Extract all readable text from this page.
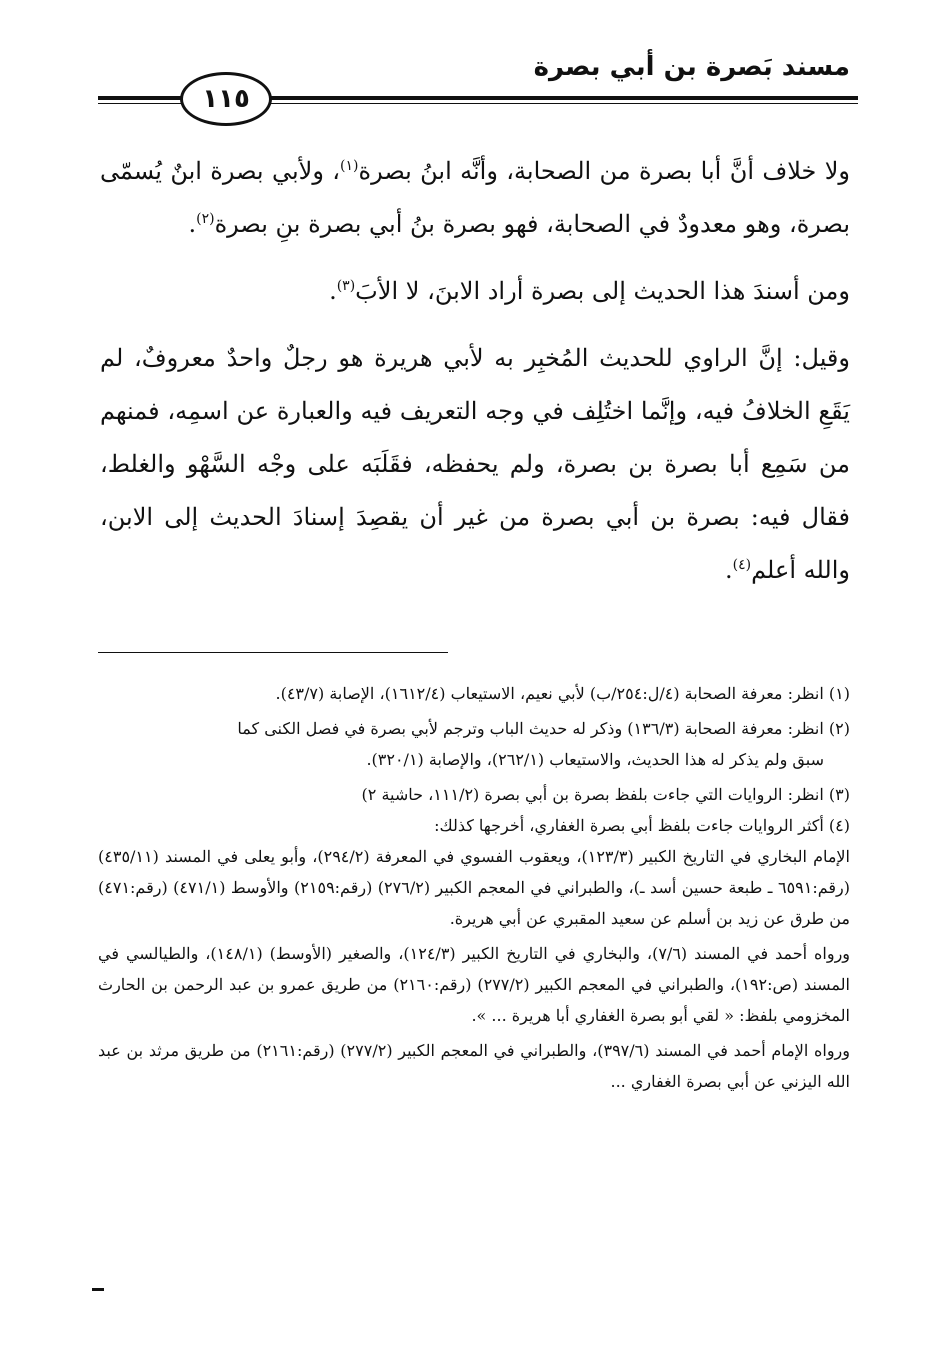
مسند بَصرة بن أبي بصرة
١١٥

ولا خلاف أنَّ أبا بصرة من الصحابة، وأنَّه ابنُ بصرة$^{(١)}$، ولأبي بصرة ابنٌ يُسمّى بصرة، وهو معدودٌ في الصحابة، فهو بصرة بنُ أبي بصرة بنِ بصرة$^{(٢)}$.

ومن أسندَ هذا الحديث إلى بصرة أراد الابنَ، لا الأبَ$^{(٣)}$.

وقيل: إنَّ الراوي للحديث المُخبِر به لأبي هريرة هو رجلٌ واحدٌ معروفٌ، لم يَقَعِ الخلافُ فيه، وإنَّما اختُلِف في وجه التعريف فيه والعبارة عن اسمِه، فمنهم من سَمِع أبا بصرة بن بصرة، ولم يحفظه، فقَلَبَه على وجْه السَّهْو والغلط، فقال فيه: بصرة بن أبي بصرة من غير أن يقصِدَ إسنادَ الحديث إلى الابن، والله أعلم$^{(٤)}$.

(١) انظر: معرفة الصحابة (٤/ل:٢٥٤/ب) لأبي نعيم، الاستيعاب (١٦١٢/٤)، الإصابة (٤٣/٧).

(٢) انظر: معرفة الصحابة (١٣٦/٣) وذكر له حديث الباب وترجم لأبي بصرة في فصل الكنى كما

سبق ولم يذكر له هذا الحديث، والاستيعاب (٢٦٢/١)، والإصابة (٣٢٠/١).

(٣) انظر: الروايات التي جاءت بلفظ بصرة بن أبي بصرة (١١١/٢، حاشية ٢)

(٤) أكثر الروايات جاءت بلفظ أبي بصرة الغفاري، أخرجها كذلك:

الإمام البخاري في التاريخ الكبير (١٢٣/٣)، ويعقوب الفسوي في المعرفة (٢٩٤/٢)، وأبو يعلى في المسند (٤٣٥/١١) (رقم:٦٥٩١ ـ طبعة حسين أسد ـ)، والطبراني في المعجم الكبير (٢٧٦/٢) (رقم:٢١٥٩) والأوسط (٤٧١/١) (رقم:٤٧١) من طرق عن زيد بن أسلم عن سعيد المقبري عن أبي هريرة.

ورواه أحمد في المسند (٧/٦)، والبخاري في التاريخ الكبير (١٢٤/٣)، والصغير (الأوسط) (١٤٨/١)، والطيالسي في المسند (ص:١٩٢)، والطبراني في المعجم الكبير (٢٧٧/٢) (رقم:٢١٦٠) من طريق عمرو بن عبد الرحمن بن الحارث المخزومي بلفظ: « لقي أبو بصرة الغفاري أبا هريرة ... ».

ورواه الإمام أحمد في المسند (٣٩٧/٦)، والطبراني في المعجم الكبير (٢٧٧/٢) (رقم:٢١٦١) من طريق مرثد بن عبد الله اليزني عن أبي بصرة الغفاري ...
